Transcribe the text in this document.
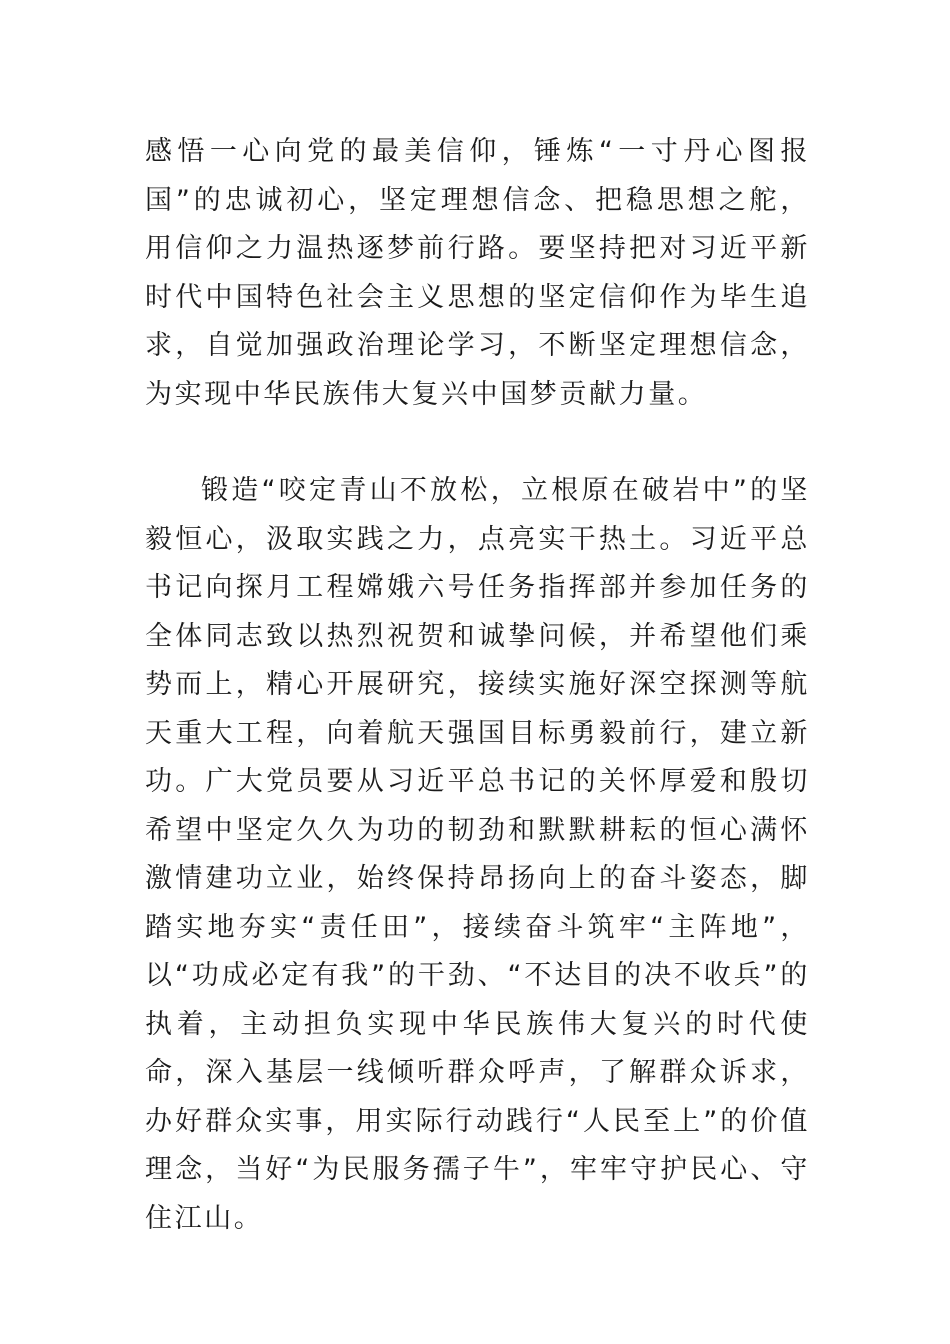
感悟一心向党的最美信仰，锤炼“一寸丹心图报国”的忠诚初心，坚定理想信念、把稳思想之舵，用信仰之力温热逐梦前行路。要坚持把对习近平新时代中国特色社会主义思想的坚定信仰作为毕生追求，自觉加强政治理论学习，不断坚定理想信念，为实现中华民族伟大复兴中国梦贡献力量。

锻造“咬定青山不放松，立根原在破岩中”的坚毅恒心，汲取实践之力，点亮实干热土。习近平总书记向探月工程嫦娥六号任务指挥部并参加任务的全体同志致以热烈祝贺和诚挚问候，并希望他们乘势而上，精心开展研究，接续实施好深空探测等航天重大工程，向着航天强国目标勇毅前行，建立新功。广大党员要从习近平总书记的关怀厚爱和殷切希望中坚定久久为功的韧劲和默默耕耘的恒心满怀激情建功立业，始终保持昂扬向上的奋斗姿态，脚踏实地夯实“责任田”，接续奋斗筑牢“主阵地”，以“功成必定有我”的干劲、“不达目的决不收兵”的执着，主动担负实现中华民族伟大复兴的时代使命，深入基层一线倾听群众呼声，了解群众诉求，办好群众实事，用实际行动践行“人民至上”的价值理念，当好“为民服务孺子牛”，牢牢守护民心、守住江山。
